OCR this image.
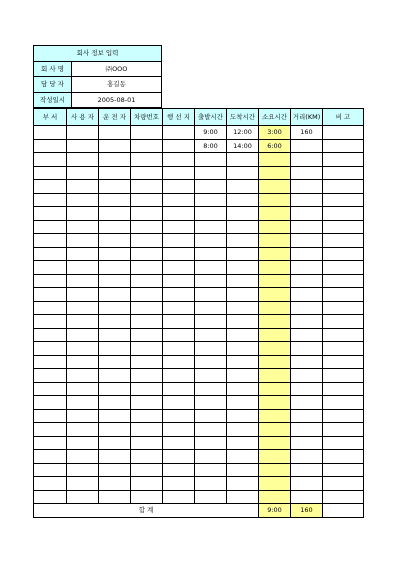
회사 정보 입력	
회 사 명	㈜OOO
담 당 자	홍길동
작성일시	2005-08-01
부 서	사 용 자	운 전 자	차량번호	행 선 지	출발시간	도착시간	소요시간	거리(KM)	비 고
					9:00	12:00	3:00	160	
					8:00	14:00	6:00		

합 계							9:00	160	
